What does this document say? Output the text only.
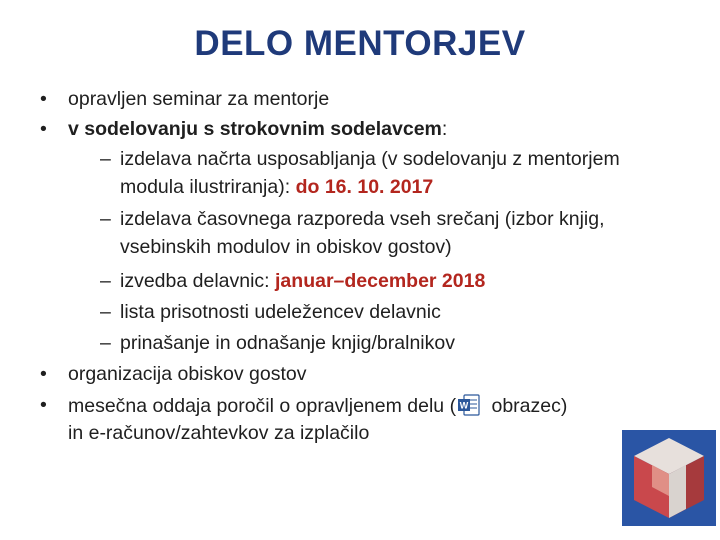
DELO MENTORJEV
• opravljen seminar za mentorje
• v sodelovanju s strokovnim sodelavcem:
– izdelava načrta usposabljanja (v sodelovanju z mentorjem
modula ilustriranja): do 16. 10. 2017
– izdelava časovnega razporeda vseh srečanj (izbor knjig,
vsebinskih modulov in obiskov gostov)
– izvedba delavnic: januar–december 2018
– lista prisotnosti udeležencev delavnic
– prinašanje in odnašanje knjig/bralnikov
• organizacija obiskov gostov
• mesečna oddaja poročil o opravljenem delu ( W obrazec)
in e-računov/zahtevkov za izplačilo
